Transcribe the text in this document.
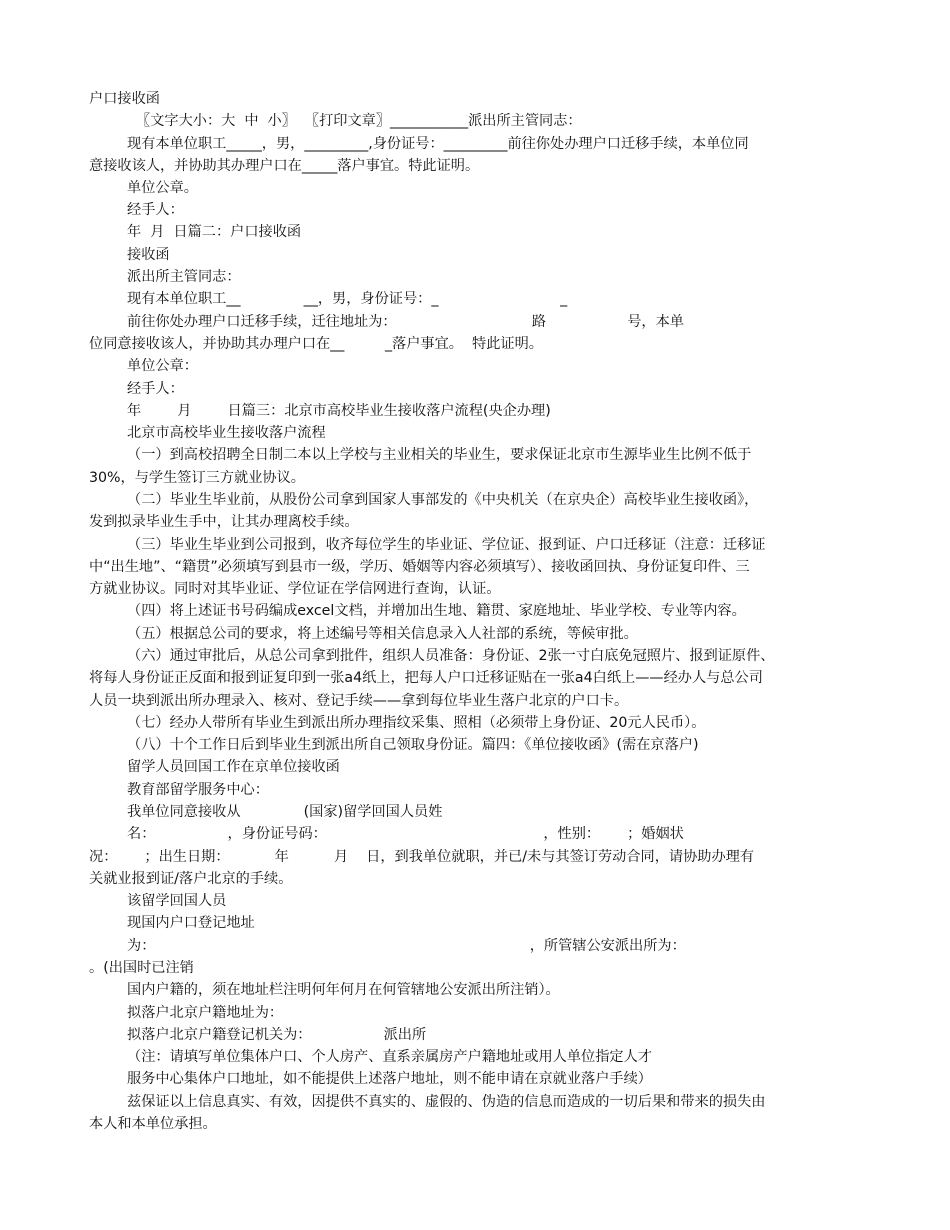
户口接收函
〖文字大小：大  中  小〗  〖打印文章〗___________派出所主管同志：
现有本单位职工_____，男，_________,身份证号：_________前往你处办理户口迁移手续，本单位同
意接收该人，并协助其办理户口在_____落户事宜。特此证明。
单位公章。
经手人：
年  月  日篇二：户口接收函
接收函
派出所主管同志：
现有本单位职工__              __，男，身份证号：_                           _
前往你处办理户口迁移手续，迁往地址为：                              路                  号，本单
位同意接收该人，并协助其办理户口在__         _落户事宜。  特此证明。
单位公章：
经手人：
年        月        日篇三：北京市高校毕业生接收落户流程(央企办理)
北京市高校毕业生接收落户流程
（一）到高校招聘全日制二本以上学校与主业相关的毕业生，要求保证北京市生源毕业生比例不低于
30%，与学生签订三方就业协议。
（二）毕业生毕业前，从股份公司拿到国家人事部发的《中央机关（在京央企）高校毕业生接收函》，
发到拟录毕业生手中，让其办理离校手续。
（三）毕业生毕业到公司报到，收齐每位学生的毕业证、学位证、报到证、户口迁移证（注意：迁移证
中“出生地”、“籍贯”必须填写到县市一级，学历、婚姻等内容必须填写）、接收函回执、身份证复印件、三
方就业协议。同时对其毕业证、学位证在学信网进行查询，认证。
（四）将上述证书号码编成excel文档，并增加出生地、籍贯、家庭地址、毕业学校、专业等内容。
（五）根据总公司的要求，将上述编号等相关信息录入人社部的系统，等候审批。
（六）通过审批后，从总公司拿到批件，组织人员准备：身份证、2张一寸白底免冠照片、报到证原件、
将每人身份证正反面和报到证复印到一张a4纸上，把每人户口迁移证贴在一张a4白纸上——经办人与总公司
人员一块到派出所办理录入、核对、登记手续——拿到每位毕业生落户北京的户口卡。
（七）经办人带所有毕业生到派出所办理指纹采集、照相（必须带上身份证、20元人民币）。
（八）十个工作日后到毕业生到派出所自己领取身份证。篇四：《单位接收函》(需在京落户)
留学人员回国工作在京单位接收函
教育部留学服务中心：
我单位同意接收从              (国家)留学回国人员姓
名：                ，身份证号码：                                                ，性别：      ；婚姻状
况：      ；出生日期：          年          月    日，到我单位就职，并已/未与其签订劳动合同，请协助办理有
关就业报到证/落户北京的手续。
该留学回国人员
现国内户口登记地址
为：                                                                                   ，所管辖公安派出所为：
。(出国时已注销
国内户籍的，须在地址栏注明何年何月在何管辖地公安派出所注销）。
拟落户北京户籍地址为：
拟落户北京户籍登记机关为：                派出所
（注：请填写单位集体户口、个人房产、直系亲属房产户籍地址或用人单位指定人才
服务中心集体户口地址，如不能提供上述落户地址，则不能申请在京就业落户手续）
兹保证以上信息真实、有效，因提供不真实的、虚假的、伪造的信息而造成的一切后果和带来的损失由
本人和本单位承担。
